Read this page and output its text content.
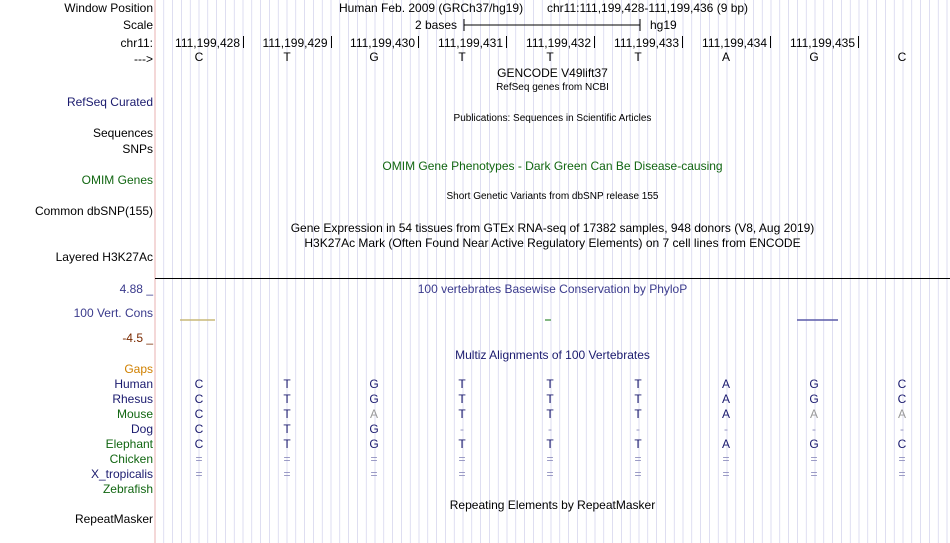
Window Position	Human Feb. 2009 (GRCh37/hg19) chr11:111,199,428-111,199,436 (9 bp)
Scale	2 bases	hg19
chr11:	111,199,428	111,199,429	111,199,430	111,199,431	111,199,432	111,199,433	111,199,434	111,199,435
--->	C	T	G	T	T	T	A	G	C
GENCODE V49lift37
RefSeq genes from NCBI
RefSeq Curated
Publications: Sequences in Scientific Articles
Sequences
SNPs
OMIM Gene Phenotypes - Dark Green Can Be Disease-causing
OMIM Genes
Short Genetic Variants from dbSNP release 155
Common dbSNP(155)
Gene Expression in 54 tissues from GTEx RNA-seq of 17382 samples, 948 donors (V8, Aug 2019)
H3K27Ac Mark (Often Found Near Active Regulatory Elements) on 7 cell lines from ENCODE
Layered H3K27Ac
4.88 _	100 vertebrates Basewise Conservation by PhyloP
100 Vert. Cons
-4.5 _
Multiz Alignments of 100 Vertebrates
Gaps
Human	C	T	G	T	T	T	A	G	C
Rhesus	C	T	G	T	T	T	A	G	C
Mouse	C	T	A	T	T	T	A	A	A
Dog	C	T	G	-	-	-	-	-	-
Elephant	C	T	G	T	T	T	A	G	C
Chicken	=	=	=	=	=	=	=	=	=
X_tropicalis	=	=	=	=	=	=	=	=	=
Zebrafish
Repeating Elements by RepeatMasker
RepeatMasker
